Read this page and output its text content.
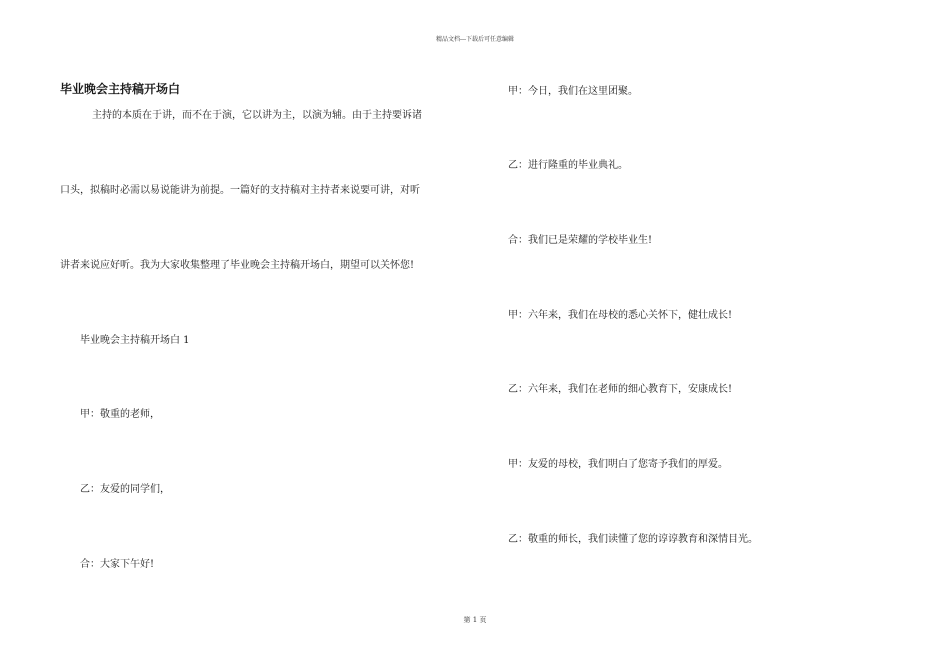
精品文档---下载后可任意编辑
毕业晚会主持稿开场白
主持的本质在于讲，而不在于演，它以讲为主，以演为辅。由于主持要诉诸
口头，拟稿时必需以易说能讲为前提。一篇好的支持稿对主持者来说要可讲，对听
讲者来说应好听。我为大家收集整理了毕业晚会主持稿开场白，期望可以关怀您!
毕业晚会主持稿开场白 1
甲：敬重的老师，
乙：友爱的同学们，
合：大家下午好!
甲：今日，我们在这里团聚。
乙：进行隆重的毕业典礼。
合：我们已是荣耀的学校毕业生!
甲：六年来，我们在母校的悉心关怀下，健壮成长!
乙：六年来，我们在老师的细心教育下，安康成长!
甲：友爱的母校，我们明白了您寄予我们的厚爱。
乙：敬重的师长，我们读懂了您的谆谆教育和深情目光。
第 1 页
